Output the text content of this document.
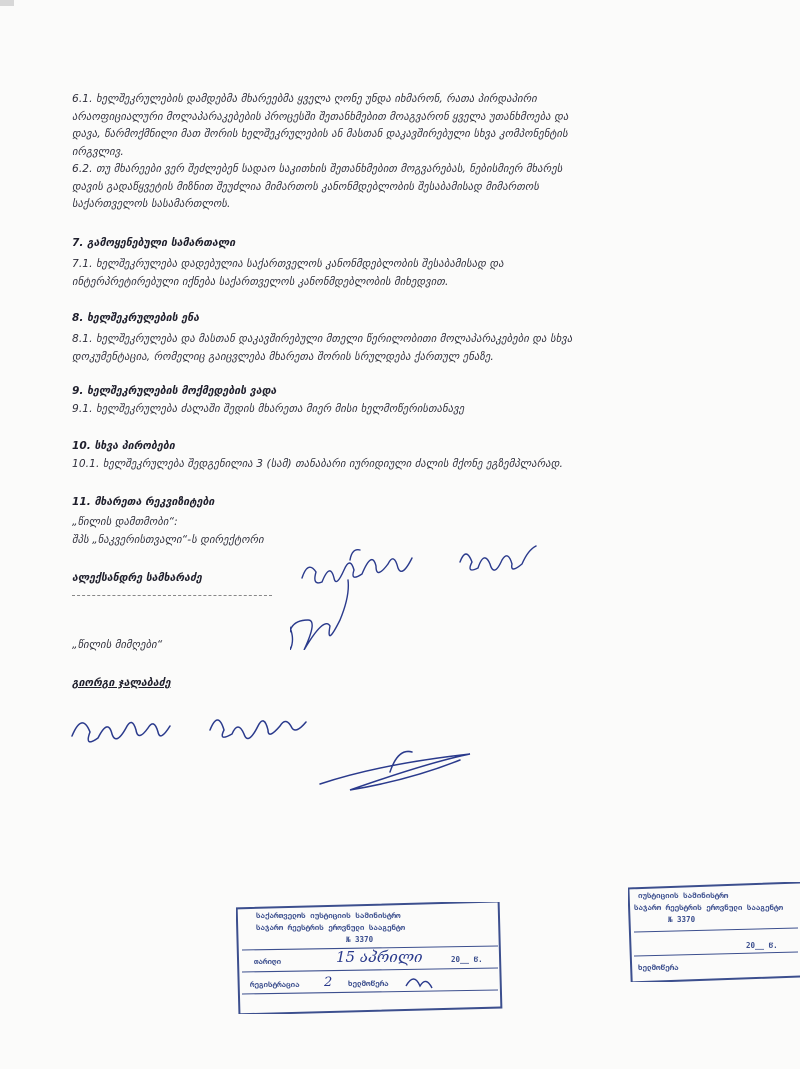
6.1. ხელშეკრულების დამდებმა მხარეებმა ყველა ღონე უნდა იხმარონ, რათა პირდაპირი
არაოფიციალური მოლაპარაკებების პროცესში შეთანხმებით მოაგვარონ ყველა უთანხმოება და
დავა, წარმოქმნილი მათ შორის ხელშეკრულების ან მასთან დაკავშირებული სხვა კომპონენტის
ირგვლივ.
6.2. თუ მხარეები ვერ შეძლებენ სადაო საკითხის შეთანხმებით მოგვარებას, ნებისმიერ მხარეს
დავის გადაწყვეტის მიზნით შეუძლია მიმართოს კანონმდებლობის შესაბამისად მიმართოს
საქართველოს სასამართლოს.
7. გამოყენებული სამართალი
7.1. ხელშეკრულება დადებულია საქართველოს კანონმდებლობის შესაბამისად და
ინტერპრეტირებული იქნება საქართველოს კანონმდებლობის მიხედვით.
8. ხელშეკრულების ენა
8.1. ხელშეკრულება და მასთან დაკავშირებული მთელი წერილობითი მოლაპარაკებები და სხვა
დოკუმენტაცია, რომელიც გაიცვლება მხარეთა შორის სრულდება ქართულ ენაზე.
9. ხელშეკრულების მოქმედების ვადა
9.1. ხელშეკრულება ძალაში შედის მხარეთა მიერ მისი ხელმოწერისთანავე
10. სხვა პირობები
10.1. ხელშეკრულება შედგენილია 3 (სამ) თანაბარი იურიდიული ძალის მქონე ეგზემპლარად.
11. მხარეთა რეკვიზიტები
„წილის დამთმობი“:
შპს „ნაკვერისთვალი“-ს დირექტორი
ალექსანდრე სამხარაძე
„წილის მიმღები“
გიორგი ჯალაბაძე
საქართველოს იუსტიციის სამინისტრო
საჯარო რეესტრის ეროვნული სააგენტო
№ 3370
თარიღი	15 აპრილი	20__ წ.
რეგისტრაცია 2 ხელმოწერა
იუსტიციის სამინისტრო
საჯარო რეესტრის ეროვნული სააგენტო
№ 3370
20__ წ.
ხელმოწერა
